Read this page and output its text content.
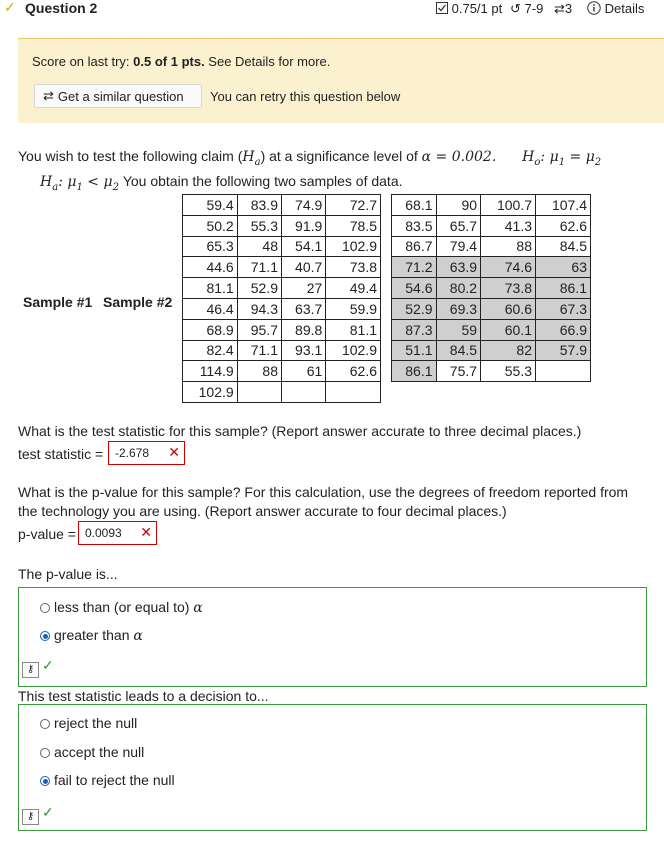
✓ Question 2	0.75/1 pt ↺ 7-9 ⇄3	Details
Score on last try: 0.5 of 1 pts. See Details for more.
⇄ Get a similar question You can retry this question below
You wish to test the following claim $(H_a)$ at a significance level of α = 0.002. $H_o$: $\mu_1 = \mu_2$
$H_a$: $\mu_1 < \mu_2$ You obtain the following two samples of data.
Sample #1 Sample #2
59.4	83.9	74.9	72.7
50.2	55.3	91.9	78.5
65.3	48	54.1	102.9
44.6	71.1	40.7	73.8
81.1	52.9	27	49.4
46.4	94.3	63.7	59.9
68.9	95.7	89.8	81.1
82.4	71.1	93.1	102.9
114.9	88	61	62.6
102.9			
68.1	90	100.7	107.4
83.5	65.7	41.3	62.6
86.7	79.4	88	84.5
71.2	63.9	74.6	63
54.6	80.2	73.8	86.1
52.9	69.3	60.6	67.3
87.3	59	60.1	66.9
51.1	84.5	82	57.9
86.1	75.7	55.3	
What is the test statistic for this sample? (Report answer accurate to three decimal places.)
test statistic = -2.678 ✕
What is the p-value for this sample? For this calculation, use the degrees of freedom reported from the technology you are using. (Report answer accurate to four decimal places.)
p-value = 0.0093 ✕
The p-value is...
less than (or equal to) α
greater than α
⚷ ✓
This test statistic leads to a decision to...
reject the null
accept the null
fail to reject the null
⚷ ✓
